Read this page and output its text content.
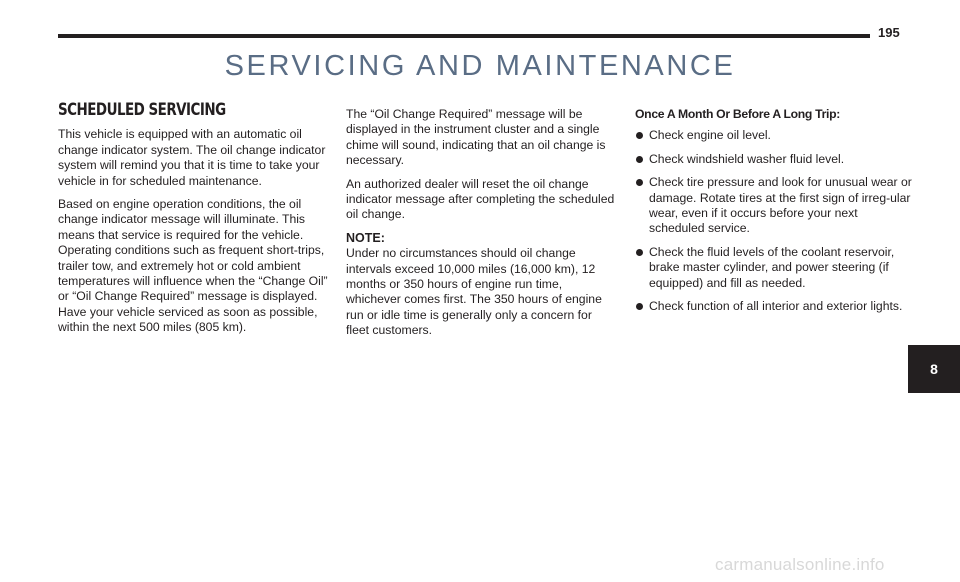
195
SERVICING AND MAINTENANCE
SCHEDULED SERVICING

This vehicle is equipped with an automatic oil change indicator system. The oil change indicator system will remind you that it is time to take your vehicle in for scheduled maintenance.

Based on engine operation conditions, the oil change indicator message will illuminate. This means that service is required for the vehicle. Operating conditions such as frequent short-trips, trailer tow, and extremely hot or cold ambient temperatures will influence when the “Change Oil” or “Oil Change Required” message is displayed. Have your vehicle serviced as soon as possible, within the next 500 miles (805 km).

The “Oil Change Required” message will be displayed in the instrument cluster and a single chime will sound, indicating that an oil change is necessary.

An authorized dealer will reset the oil change indicator message after completing the scheduled oil change.

NOTE:

Under no circumstances should oil change intervals exceed 10,000 miles (16,000 km), 12 months or 350 hours of engine run time, whichever comes first. The 350 hours of engine run or idle time is generally only a concern for fleet customers.

Once A Month Or Before A Long Trip:
Check engine oil level.
Check windshield washer fluid level.
Check tire pressure and look for unusual wear or damage. Rotate tires at the first sign of irreg-ular wear, even if it occurs before your next scheduled service.
Check the fluid levels of the coolant reservoir, brake master cylinder, and power steering (if equipped) and fill as needed.
Check function of all interior and exterior lights.
8
carmanualsonline.info
